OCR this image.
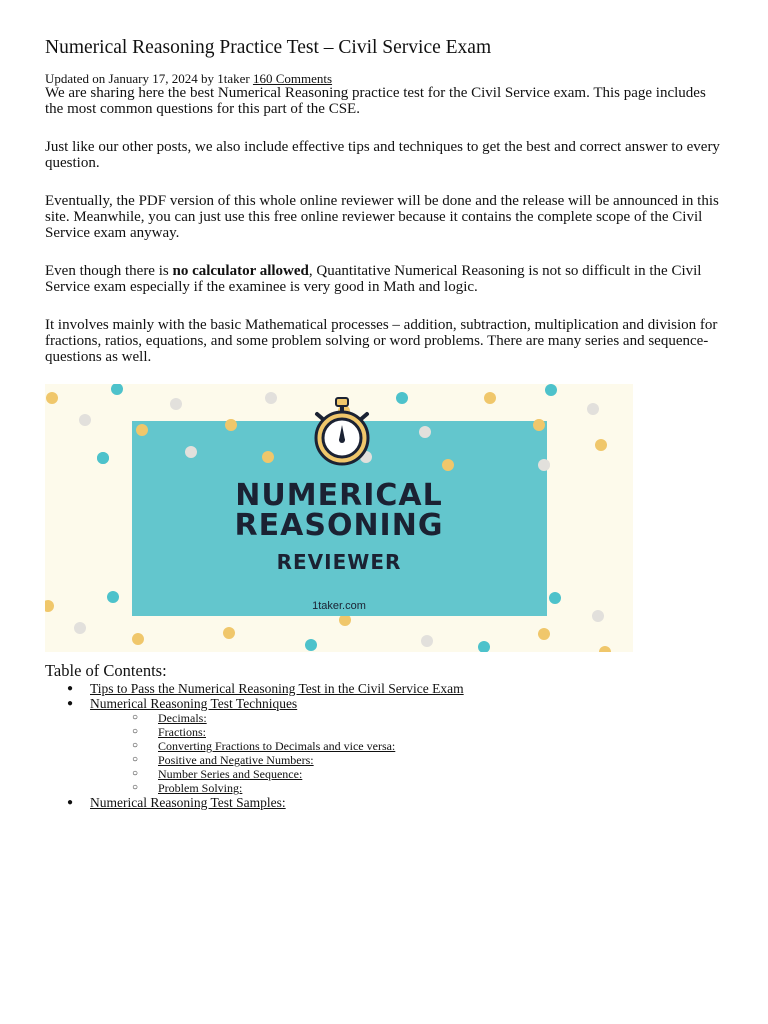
Numerical Reasoning Practice Test – Civil Service Exam
Updated on January 17, 2024 by 1taker 160 Comments

We are sharing here the best Numerical Reasoning practice test for the Civil Service exam. This page includes the most common questions for this part of the CSE.

Just like our other posts, we also include effective tips and techniques to get the best and correct answer to every question.

Eventually, the PDF version of this whole online reviewer will be done and the release will be announced in this site. Meanwhile, you can just use this free online reviewer because it contains the complete scope of the Civil Service exam anyway.

Even though there is no calculator allowed, Quantitative Numerical Reasoning is not so difficult in the Civil Service exam especially if the examinee is very good in Math and logic.

It involves mainly with the basic Mathematical processes – addition, subtraction, multiplication and division for fractions, ratios, equations, and some problem solving or word problems. There are many series and sequence-questions as well.

NUMERICAL
REASONING
REVIEWER
1taker.com
Table of Contents:
● Tips to Pass the Numerical Reasoning Test in the Civil Service Exam
● Numerical Reasoning Test Techniques
○ Decimals:
○ Fractions:
○ Converting Fractions to Decimals and vice versa:
○ Positive and Negative Numbers:
○ Number Series and Sequence:
○ Problem Solving:
● Numerical Reasoning Test Samples:
